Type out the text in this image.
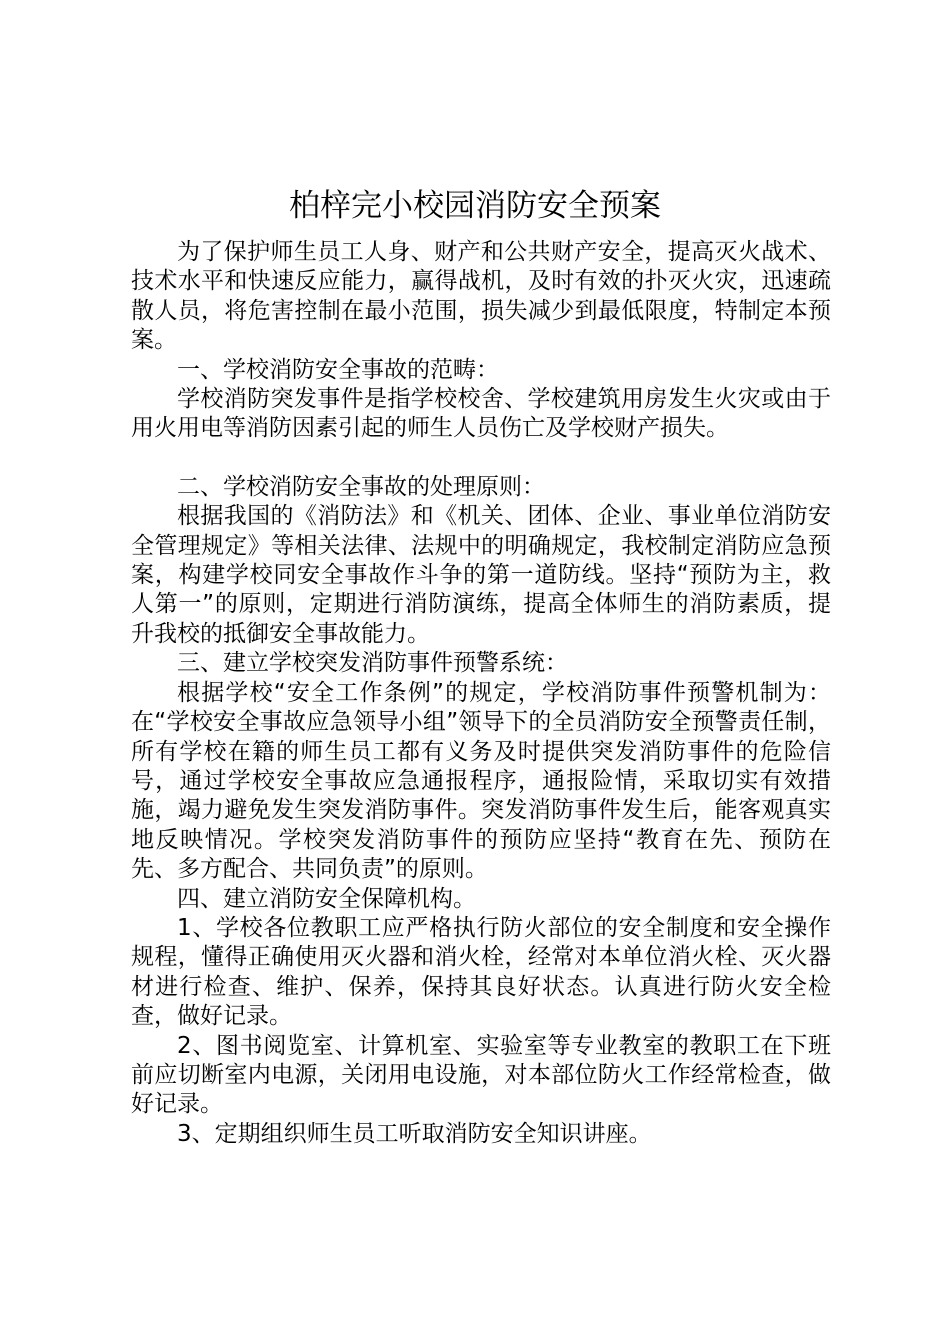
柏梓完小校园消防安全预案

为了保护师生员工人身、财产和公共财产安全，提高灭火战术、技术水平和快速反应能力，赢得战机，及时有效的扑灭火灾，迅速疏散人员，将危害控制在最小范围，损失减少到最低限度，特制定本预案。

一、学校消防安全事故的范畴：

学校消防突发事件是指学校校舍、学校建筑用房发生火灾或由于用火用电等消防因素引起的师生人员伤亡及学校财产损失。

二、学校消防安全事故的处理原则：

根据我国的《消防法》和《机关、团体、企业、事业单位消防安全管理规定》等相关法律、法规中的明确规定，我校制定消防应急预案，构建学校同安全事故作斗争的第一道防线。坚持“预防为主，救人第一”的原则，定期进行消防演练，提高全体师生的消防素质，提升我校的抵御安全事故能力。

三、建立学校突发消防事件预警系统：

根据学校“安全工作条例”的规定，学校消防事件预警机制为：在“学校安全事故应急领导小组”领导下的全员消防安全预警责任制，所有学校在籍的师生员工都有义务及时提供突发消防事件的危险信号，通过学校安全事故应急通报程序，通报险情，采取切实有效措施，竭力避免发生突发消防事件。突发消防事件发生后，能客观真实地反映情况。学校突发消防事件的预防应坚持“教育在先、预防在先、多方配合、共同负责”的原则。

四、建立消防安全保障机构。

1、学校各位教职工应严格执行防火部位的安全制度和安全操作规程，懂得正确使用灭火器和消火栓，经常对本单位消火栓、灭火器材进行检查、维护、保养，保持其良好状态。认真进行防火安全检查，做好记录。

2、图书阅览室、计算机室、实验室等专业教室的教职工在下班前应切断室内电源，关闭用电设施，对本部位防火工作经常检查，做好记录。

3、定期组织师生员工听取消防安全知识讲座。
